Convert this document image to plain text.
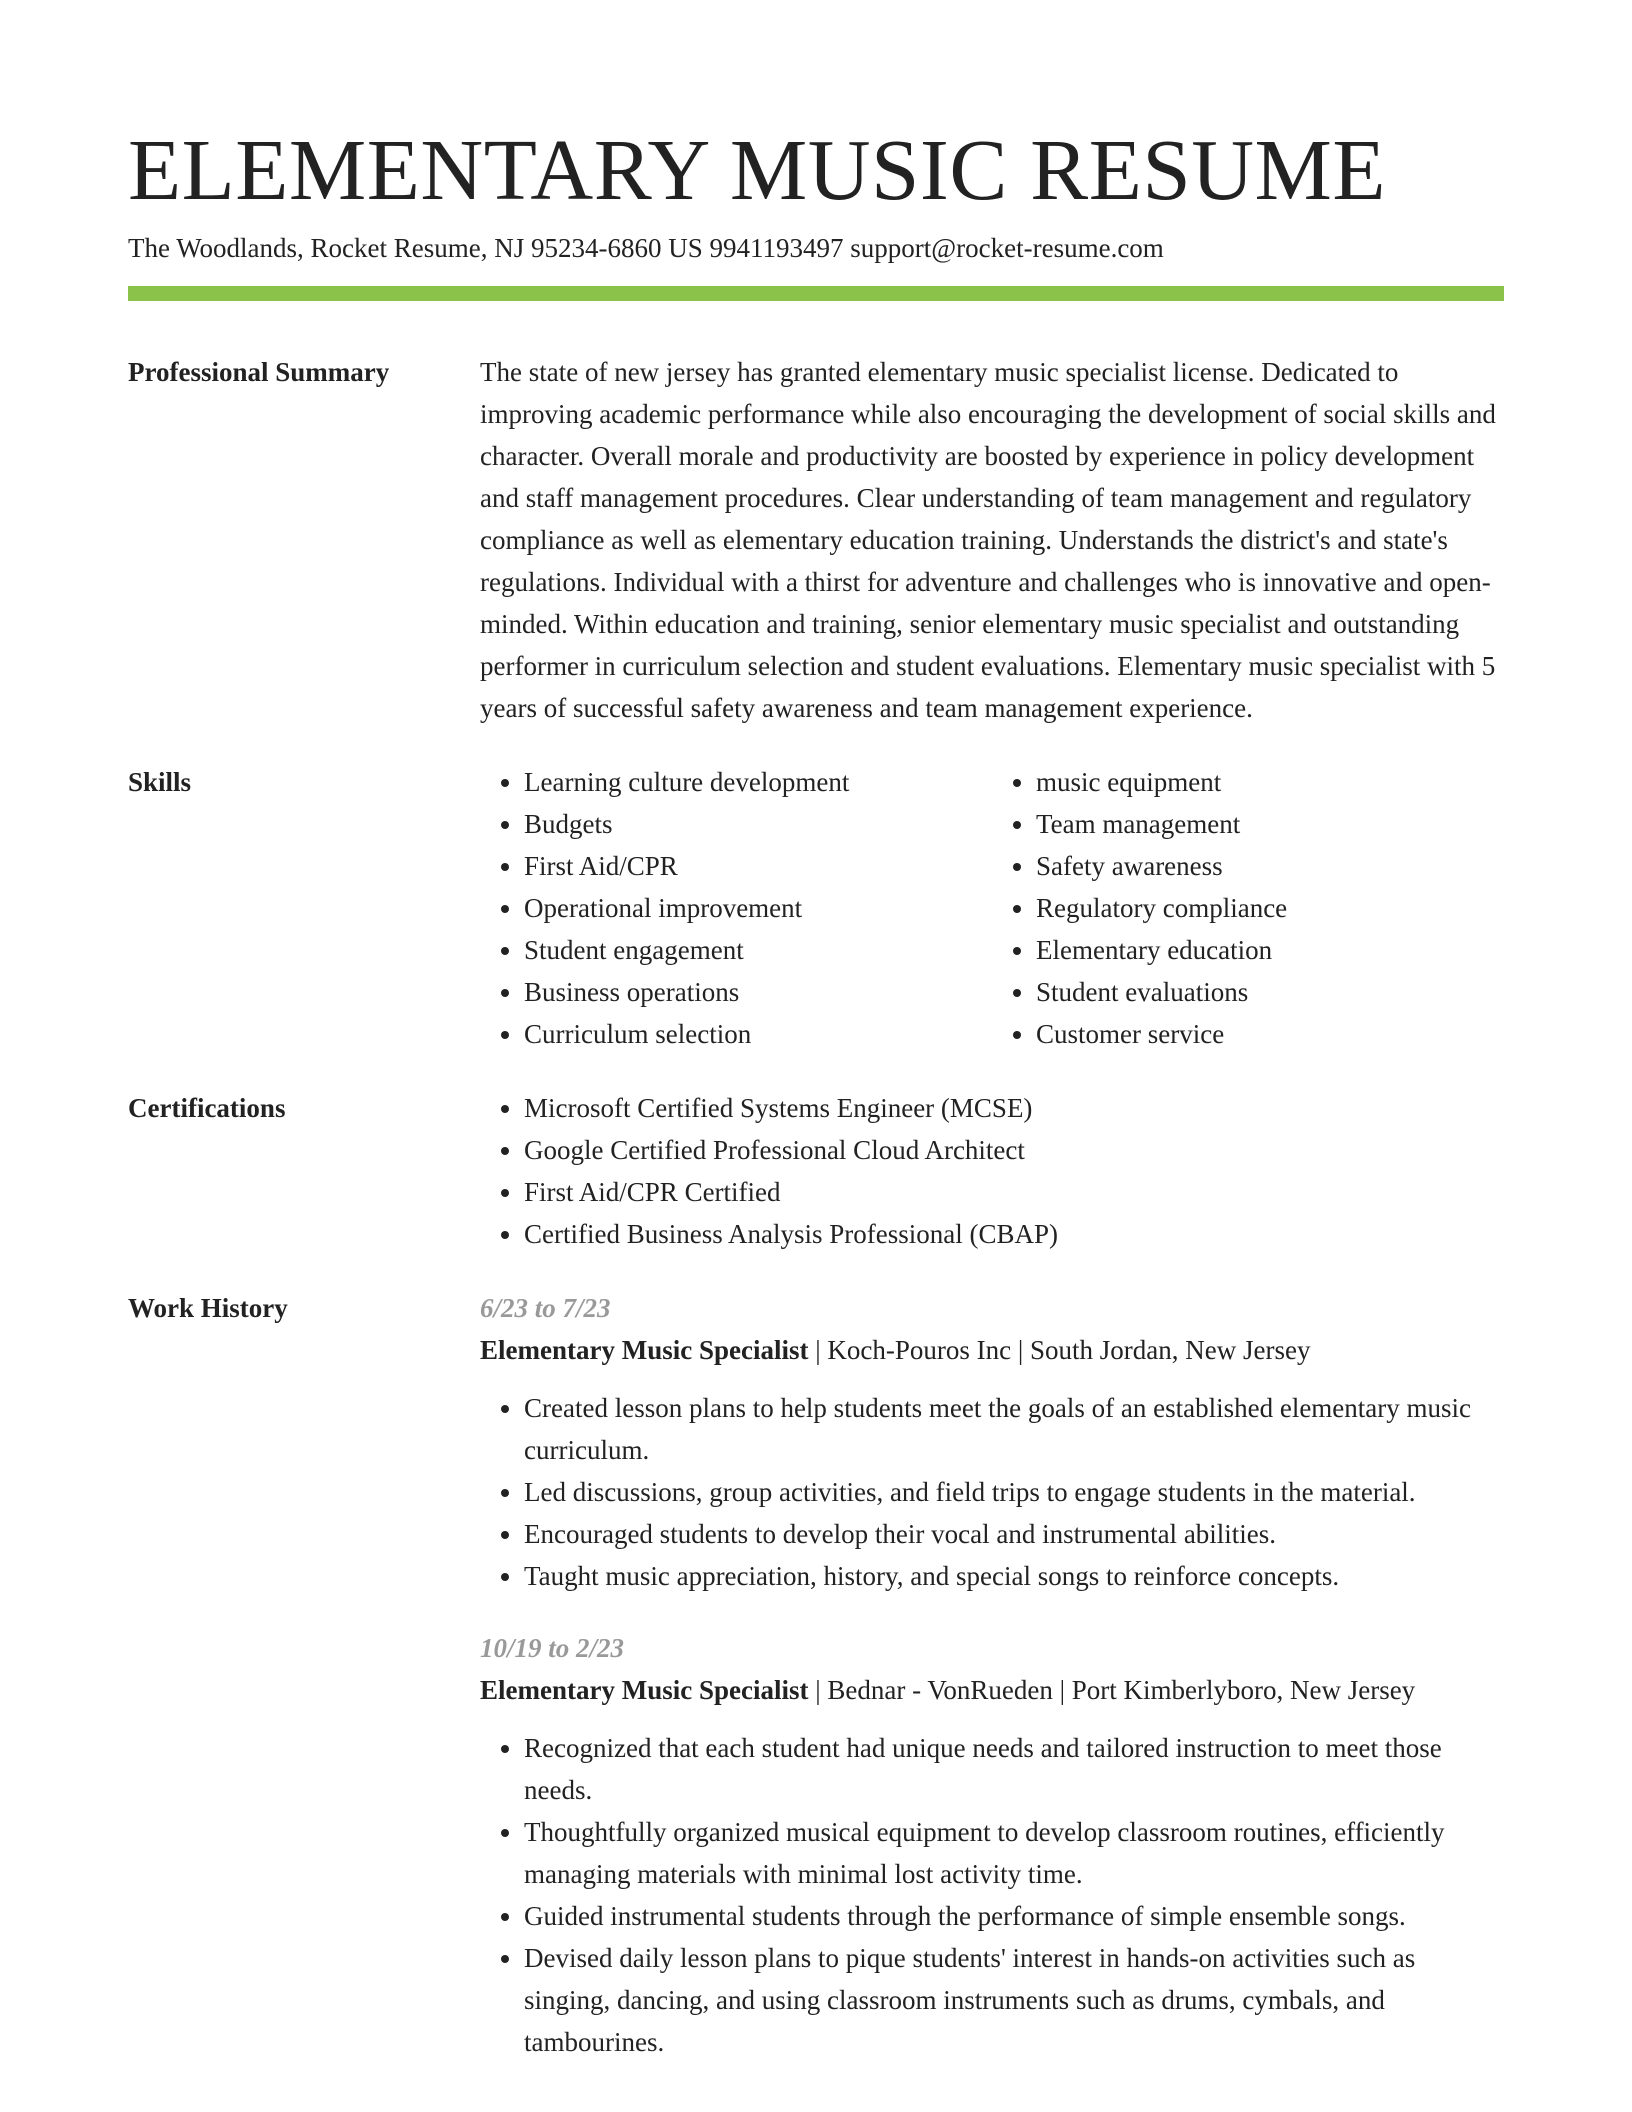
ELEMENTARY MUSIC RESUME
The Woodlands, Rocket Resume, NJ 95234-6860 US 9941193497 support@rocket-resume.com
Professional Summary	The state of new jersey has granted elementary music specialist license. Dedicated to improving academic performance while also encouraging the development of social skills and character. Overall morale and productivity are boosted by experience in policy development and staff management procedures. Clear understanding of team management and regulatory compliance as well as elementary education training. Understands the district's and state's regulations. Individual with a thirst for adventure and challenges who is innovative and open-minded. Within education and training, senior elementary music specialist and outstanding performer in curriculum selection and student evaluations. Elementary music specialist with 5 years of successful safety awareness and team management experience.

Skills	• Learning culture development
• Budgets
• First Aid/CPR
• Operational improvement
• Student engagement
• Business operations
• Curriculum selection
• music equipment
• Team management
• Safety awareness
• Regulatory compliance
• Elementary education
• Student evaluations
• Customer service
Certifications	• Microsoft Certified Systems Engineer (MCSE)
• Google Certified Professional Cloud Architect
• First Aid/CPR Certified
• Certified Business Analysis Professional (CBAP)
Work History	6/23 to 7/23
Elementary Music Specialist | Koch-Pouros Inc | South Jordan, New Jersey
• Created lesson plans to help students meet the goals of an established elementary music curriculum.
• Led discussions, group activities, and field trips to engage students in the material.
• Encouraged students to develop their vocal and instrumental abilities.
• Taught music appreciation, history, and special songs to reinforce concepts.
10/19 to 2/23
Elementary Music Specialist | Bednar - VonRueden | Port Kimberlyboro, New Jersey
• Recognized that each student had unique needs and tailored instruction to meet those needs.
• Thoughtfully organized musical equipment to develop classroom routines, efficiently managing materials with minimal lost activity time.
• Guided instrumental students through the performance of simple ensemble songs.
• Devised daily lesson plans to pique students' interest in hands-on activities such as singing, dancing, and using classroom instruments such as drums, cymbals, and tambourines.
